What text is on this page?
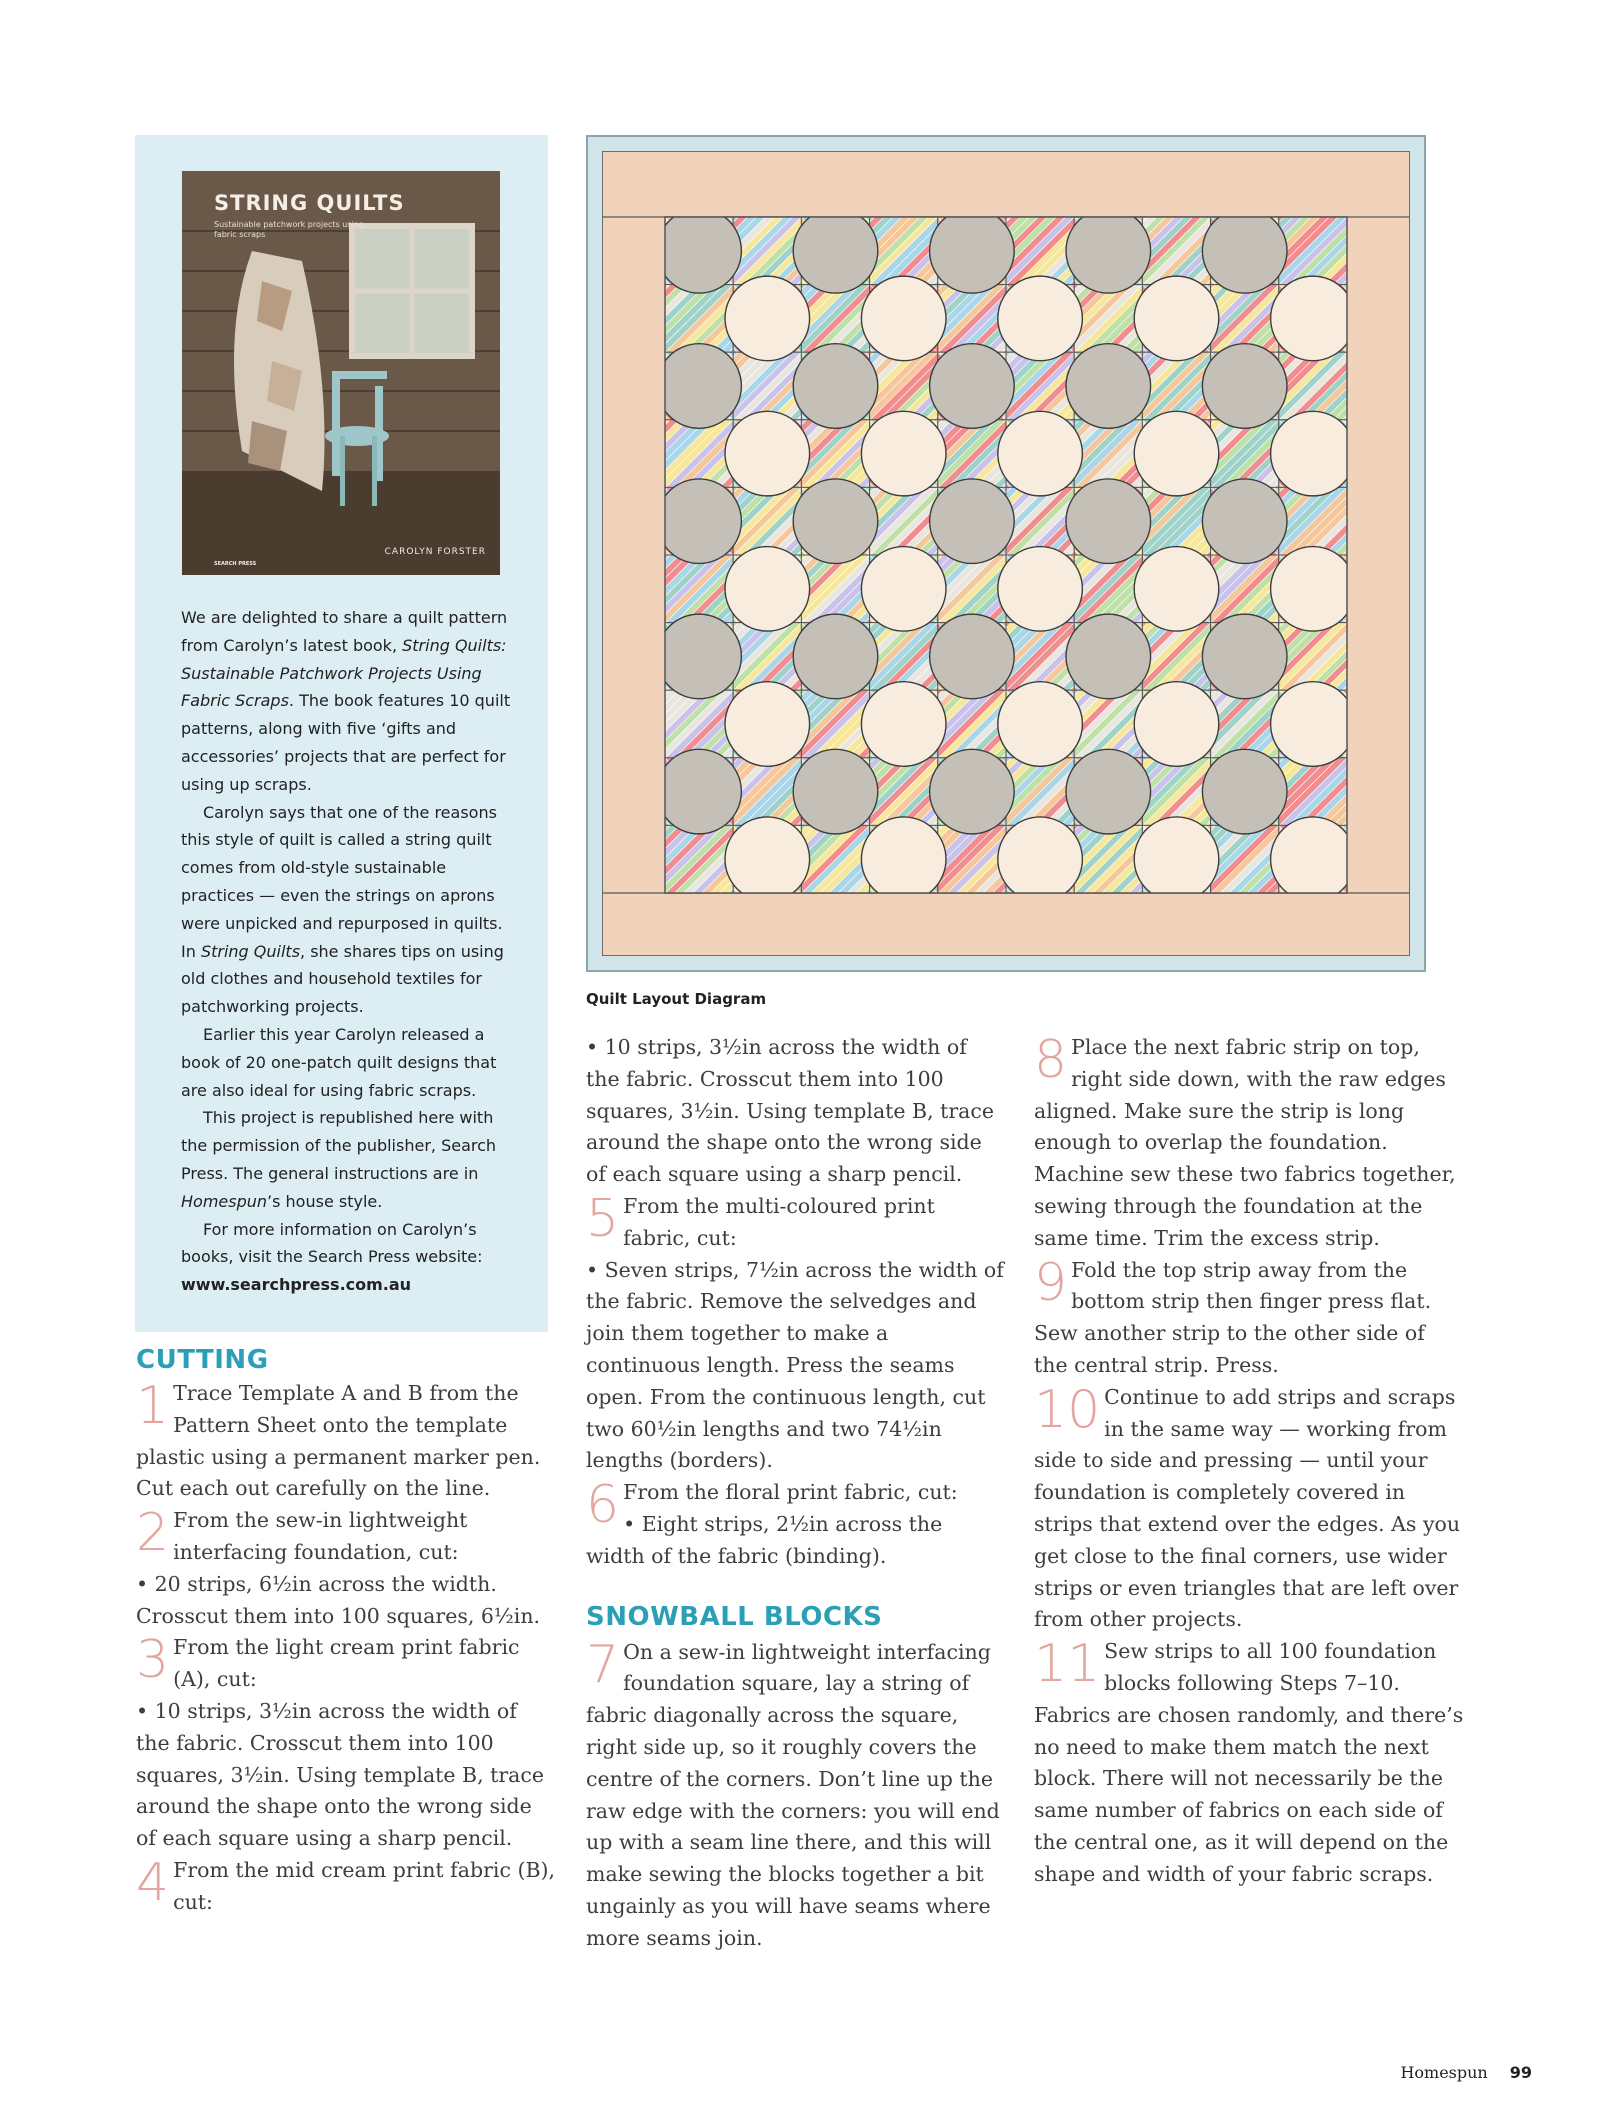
STRING QUILTS
Sustainable patchwork projects using fabric scraps
CAROLYN FORSTER
SEARCH PRESS

We are delighted to share a quilt pattern from Carolyn’s latest book, String Quilts: Sustainable Patchwork Projects Using Fabric Scraps. The book features 10 quilt patterns, along with five ‘gifts and accessories’ projects that are perfect for using up scraps.

Carolyn says that one of the reasons this style of quilt is called a string quilt comes from old-style sustainable practices — even the strings on aprons were unpicked and repurposed in quilts. In String Quilts, she shares tips on using old clothes and household textiles for patchworking projects.

Earlier this year Carolyn released a book of 20 one-patch quilt designs that are also ideal for using fabric scraps.

This project is republished here with the permission of the publisher, Search Press. The general instructions are in Homespun’s house style.

For more information on Carolyn’s books, visit the Search Press website:

www.searchpress.com.au

Quilt Layout Diagram
CUTTING
1 Trace Template A and B from the Pattern Sheet onto the template plastic using a permanent marker pen. Cut each out carefully on the line.
2 From the sew-in lightweight interfacing foundation, cut:
• 20 strips, 6½in across the width. Crosscut them into 100 squares, 6½in.
3 From the light cream print fabric (A), cut:
• 10 strips, 3½in across the width of the fabric. Crosscut them into 100 squares, 3½in. Using template B, trace around the shape onto the wrong side of each square using a sharp pencil.
4 From the mid cream print fabric (B), cut:
• 10 strips, 3½in across the width of the fabric. Crosscut them into 100 squares, 3½in. Using template B, trace around the shape onto the wrong side of each square using a sharp pencil.
5 From the multi-coloured print fabric, cut:
• Seven strips, 7½in across the width of the fabric. Remove the selvedges and join them together to make a continuous length. Press the seams open. From the continuous length, cut two 60½in lengths and two 74½in lengths (borders).
6 From the floral print fabric, cut:
• Eight strips, 2½in across the width of the fabric (binding).
SNOWBALL BLOCKS
7 On a sew-in lightweight interfacing foundation square, lay a string of fabric diagonally across the square, right side up, so it roughly covers the centre of the corners. Don’t line up the raw edge with the corners: you will end up with a seam line there, and this will make sewing the blocks together a bit ungainly as you will have seams where more seams join.
8 Place the next fabric strip on top, right side down, with the raw edges aligned. Make sure the strip is long enough to overlap the foundation. Machine sew these two fabrics together, sewing through the foundation at the same time. Trim the excess strip.
9 Fold the top strip away from the bottom strip then finger press flat. Sew another strip to the other side of the central strip. Press.
10 Continue to add strips and scraps in the same way — working from side to side and pressing — until your foundation is completely covered in strips that extend over the edges. As you get close to the final corners, use wider strips or even triangles that are left over from other projects.
11 Sew strips to all 100 foundation blocks following Steps 7–10. Fabrics are chosen randomly, and there’s no need to make them match the next block. There will not necessarily be the same number of fabrics on each side of the central one, as it will depend on the shape and width of your fabric scraps.
Homespun 99
